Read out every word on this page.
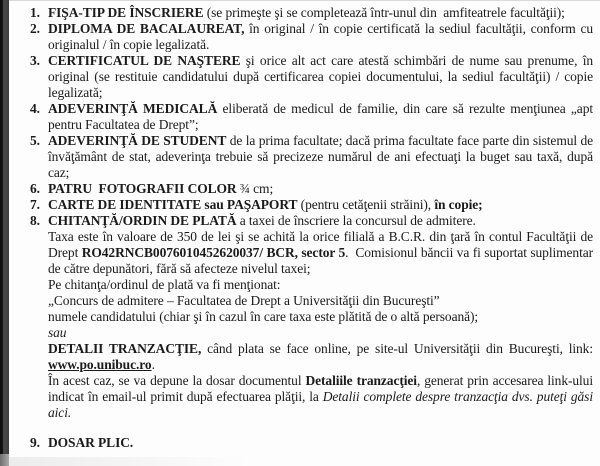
1. FIŞA-TIP DE ÎNSCRIERE (se primeşte şi se completează într-unul din  amfiteatrele facultăţii);
2. DIPLOMA DE BACALAUREAT, în original / în copie certificată la sediul facultăţii, conform cu originalul / în copie legalizată.
3. CERTIFICATUL DE NAŞTERE şi orice alt act care atestă schimbări de nume sau prenume, în original (se restituie candidatului după certificarea copiei documentului, la sediul facultăţii) / copie legalizată;
4. ADEVERINŢĂ MEDICALĂ eliberată de medicul de familie, din care să rezulte menţiunea „apt pentru Facultatea de Drept”;
5. ADEVERINŢĂ DE STUDENT de la prima facultate; dacă prima facultate face parte din sistemul de învăţământ de stat, adeverinţa trebuie să precizeze numărul de ani efectuaţi la buget sau taxă, după caz;
6. PATRU  FOTOGRAFII COLOR ¾ cm;
7. CARTE DE IDENTITATE sau PAŞAPORT (pentru cetăţenii străini), în copie;
8. CHITANŢĂ/ORDIN DE PLATĂ a taxei de înscriere la concursul de admitere.
Taxa este în valoare de 350 de lei şi se achită la orice filială a B.C.R. din ţară în contul Facultăţii de Drept RO42RNCB0076010452620037/ BCR, sector 5.  Comisionul băncii va fi suportat suplimentar de către depunători, fără să afecteze nivelul taxei;
Pe chitanţa/ordinul de plată va fi menţionat:
„Concurs de admitere – Facultatea de Drept a Universităţii din Bucureşti”
numele candidatului (chiar şi în cazul în care taxa este plătită de o altă persoană);
sau
DETALII TRANZACŢIE, când plata se face online, pe site-ul Universităţii din Bucureşti, link: www.po.unibuc.ro.
În acest caz, se va depune la dosar documentul Detaliile tranzacţiei, generat prin accesarea link-ului indicat în email-ul primit după efectuarea plăţii, la Detalii complete despre tranzacţia dvs. puteţi găsi aici.
9. DOSAR PLIC.
